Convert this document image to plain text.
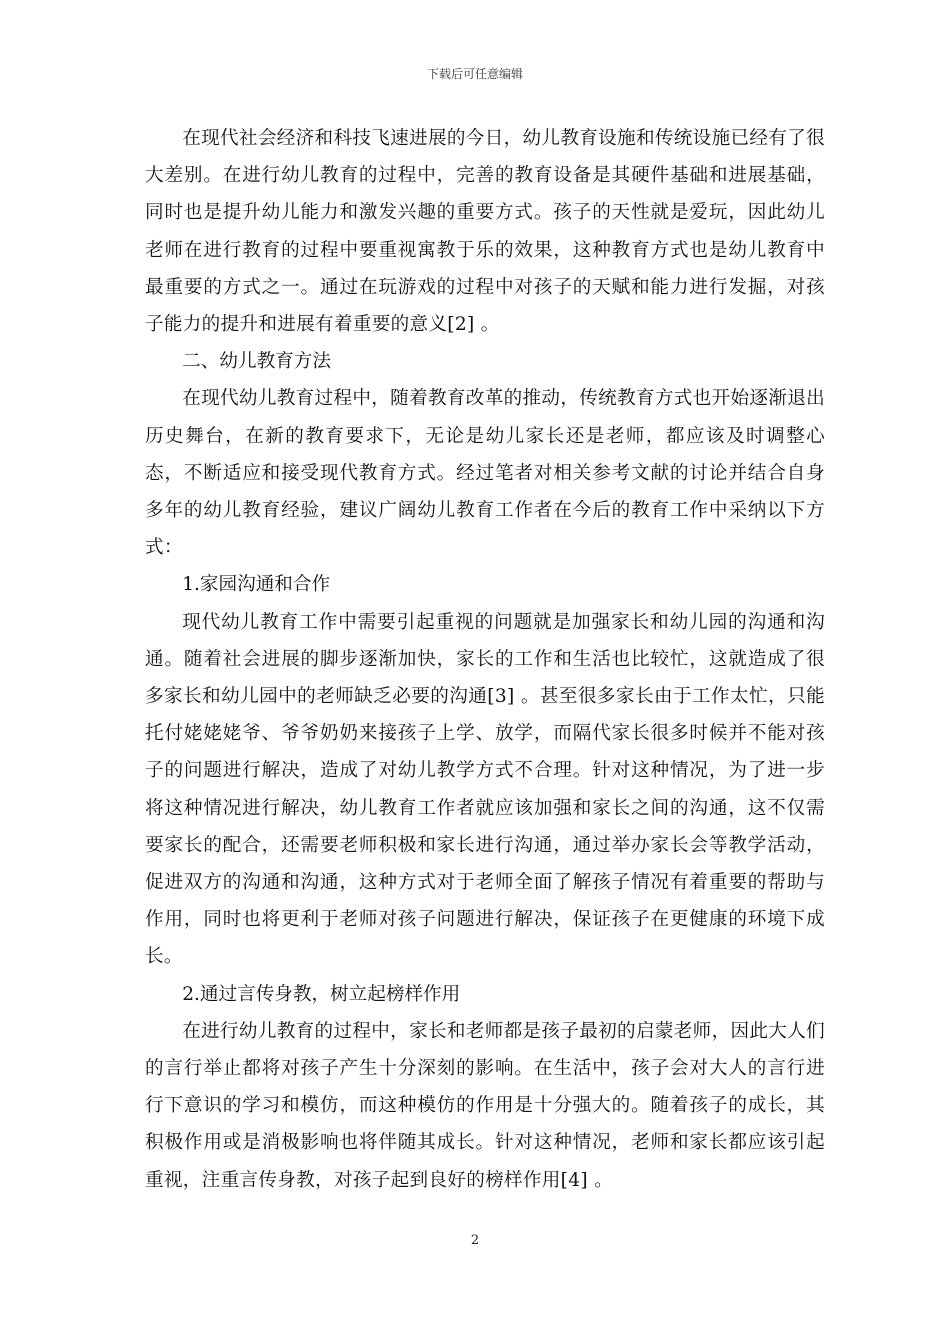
下载后可任意编辑

在现代社会经济和科技飞速进展的今日，幼儿教育设施和传统设施已经有了很大差别。在进行幼儿教育的过程中，完善的教育设备是其硬件基础和进展基础，同时也是提升幼儿能力和激发兴趣的重要方式。孩子的天性就是爱玩，因此幼儿老师在进行教育的过程中要重视寓教于乐的效果，这种教育方式也是幼儿教育中最重要的方式之一。通过在玩游戏的过程中对孩子的天赋和能力进行发掘，对孩子能力的提升和进展有着重要的意义[2] 。

二、幼儿教育方法

在现代幼儿教育过程中，随着教育改革的推动，传统教育方式也开始逐渐退出历史舞台，在新的教育要求下，无论是幼儿家长还是老师，都应该及时调整心态，不断适应和接受现代教育方式。经过笔者对相关参考文献的讨论并结合自身多年的幼儿教育经验，建议广阔幼儿教育工作者在今后的教育工作中采纳以下方式：

1.家园沟通和合作

现代幼儿教育工作中需要引起重视的问题就是加强家长和幼儿园的沟通和沟通。随着社会进展的脚步逐渐加快，家长的工作和生活也比较忙，这就造成了很多家长和幼儿园中的老师缺乏必要的沟通[3] 。甚至很多家长由于工作太忙，只能托付姥姥姥爷、爷爷奶奶来接孩子上学、放学，而隔代家长很多时候并不能对孩子的问题进行解决，造成了对幼儿教学方式不合理。针对这种情况，为了进一步将这种情况进行解决，幼儿教育工作者就应该加强和家长之间的沟通，这不仅需要家长的配合，还需要老师积极和家长进行沟通，通过举办家长会等教学活动，促进双方的沟通和沟通，这种方式对于老师全面了解孩子情况有着重要的帮助与作用，同时也将更利于老师对孩子问题进行解决，保证孩子在更健康的环境下成长。

2.通过言传身教，树立起榜样作用

在进行幼儿教育的过程中，家长和老师都是孩子最初的启蒙老师，因此大人们的言行举止都将对孩子产生十分深刻的影响。在生活中，孩子会对大人的言行进行下意识的学习和模仿，而这种模仿的作用是十分强大的。随着孩子的成长，其积极作用或是消极影响也将伴随其成长。针对这种情况，老师和家长都应该引起重视，注重言传身教，对孩子起到良好的榜样作用[4] 。

2
